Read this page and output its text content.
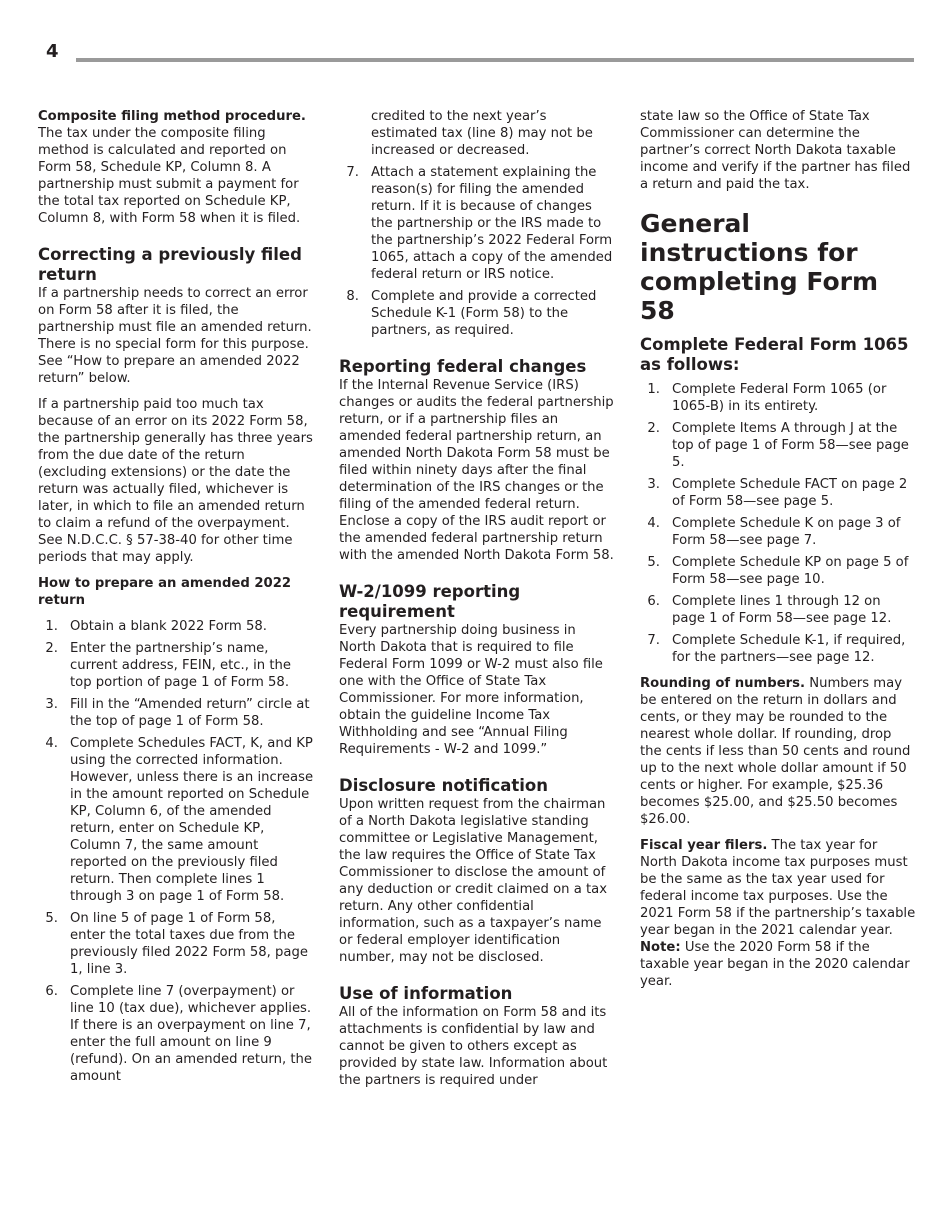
4

Composite filing method procedure. The tax under the composite filing method is calculated and reported on Form 58, Schedule KP, Column 8. A partnership must submit a payment for the total tax reported on Schedule KP, Column 8, with Form 58 when it is filed.

Correcting a previously filed return

If a partnership needs to correct an error on Form 58 after it is filed, the partnership must file an amended return. There is no special form for this purpose. See “How to prepare an amended 2022 return” below.

If a partnership paid too much tax because of an error on its 2022 Form 58, the partnership generally has three years from the due date of the return (excluding extensions) or the date the return was actually filed, whichever is later, in which to file an amended return to claim a refund of the overpayment. See N.D.C.C. § 57-38-40 for other time periods that may apply.

How to prepare an amended 2022 return
1. Obtain a blank 2022 Form 58.
2. Enter the partnership’s name, current address, FEIN, etc., in the top portion of page 1 of Form 58.
3. Fill in the “Amended return” circle at the top of page 1 of Form 58.
4. Complete Schedules FACT, K, and KP using the corrected information. However, unless there is an increase in the amount reported on Schedule KP, Column 6, of the amended return, enter on Schedule KP, Column 7, the same amount reported on the previously filed return. Then complete lines 1 through 3 on page 1 of Form 58.
5. On line 5 of page 1 of Form 58, enter the total taxes due from the previously filed 2022 Form 58, page 1, line 3.
6. Complete line 7 (overpayment) or line 10 (tax due), whichever applies. If there is an overpayment on line 7, enter the full amount on line 9 (refund). On an amended return, the amount
credited to the next year’s estimated tax (line 8) may not be increased or decreased.
7. Attach a statement explaining the reason(s) for filing the amended return. If it is because of changes the partnership or the IRS made to the partnership’s 2022 Federal Form 1065, attach a copy of the amended federal return or IRS notice.
8. Complete and provide a corrected Schedule K-1 (Form 58) to the partners, as required.
Reporting federal changes

If the Internal Revenue Service (IRS) changes or audits the federal partnership return, or if a partnership files an amended federal partnership return, an amended North Dakota Form 58 must be filed within ninety days after the final determination of the IRS changes or the filing of the amended federal return. Enclose a copy of the IRS audit report or the amended federal partnership return with the amended North Dakota Form 58.

W-2/1099 reporting requirement

Every partnership doing business in North Dakota that is required to file Federal Form 1099 or W-2 must also file one with the Office of State Tax Commissioner. For more information, obtain the guideline Income Tax Withholding and see “Annual Filing Requirements - W-2 and 1099.”

Disclosure notification

Upon written request from the chairman of a North Dakota legislative standing committee or Legislative Management, the law requires the Office of State Tax Commissioner to disclose the amount of any deduction or credit claimed on a tax return. Any other confidential information, such as a taxpayer’s name or federal employer identification number, may not be disclosed.

Use of information

All of the information on Form 58 and its attachments is confidential by law and cannot be given to others except as provided by state law. Information about the partners is required under

state law so the Office of State Tax Commissioner can determine the partner’s correct North Dakota taxable income and verify if the partner has filed a return and paid the tax.

General instructions for completing Form 58
Complete Federal Form 1065 as follows:
1. Complete Federal Form 1065 (or 1065-B) in its entirety.
2. Complete Items A through J at the top of page 1 of Form 58—see page 5.
3. Complete Schedule FACT on page 2 of Form 58—see page 5.
4. Complete Schedule K on page 3 of Form 58—see page 7.
5. Complete Schedule KP on page 5 of Form 58—see page 10.
6. Complete lines 1 through 12 on page 1 of Form 58—see page 12.
7. Complete Schedule K-1, if required, for the partners—see page 12.

Rounding of numbers. Numbers may be entered on the return in dollars and cents, or they may be rounded to the nearest whole dollar. If rounding, drop the cents if less than 50 cents and round up to the next whole dollar amount if 50 cents or higher. For example, $25.36 becomes $25.00, and $25.50 becomes $26.00.

Fiscal year filers. The tax year for North Dakota income tax purposes must be the same as the tax year used for federal income tax purposes. Use the 2021 Form 58 if the partnership’s taxable year began in the 2021 calendar year. Note: Use the 2020 Form 58 if the taxable year began in the 2020 calendar year.
